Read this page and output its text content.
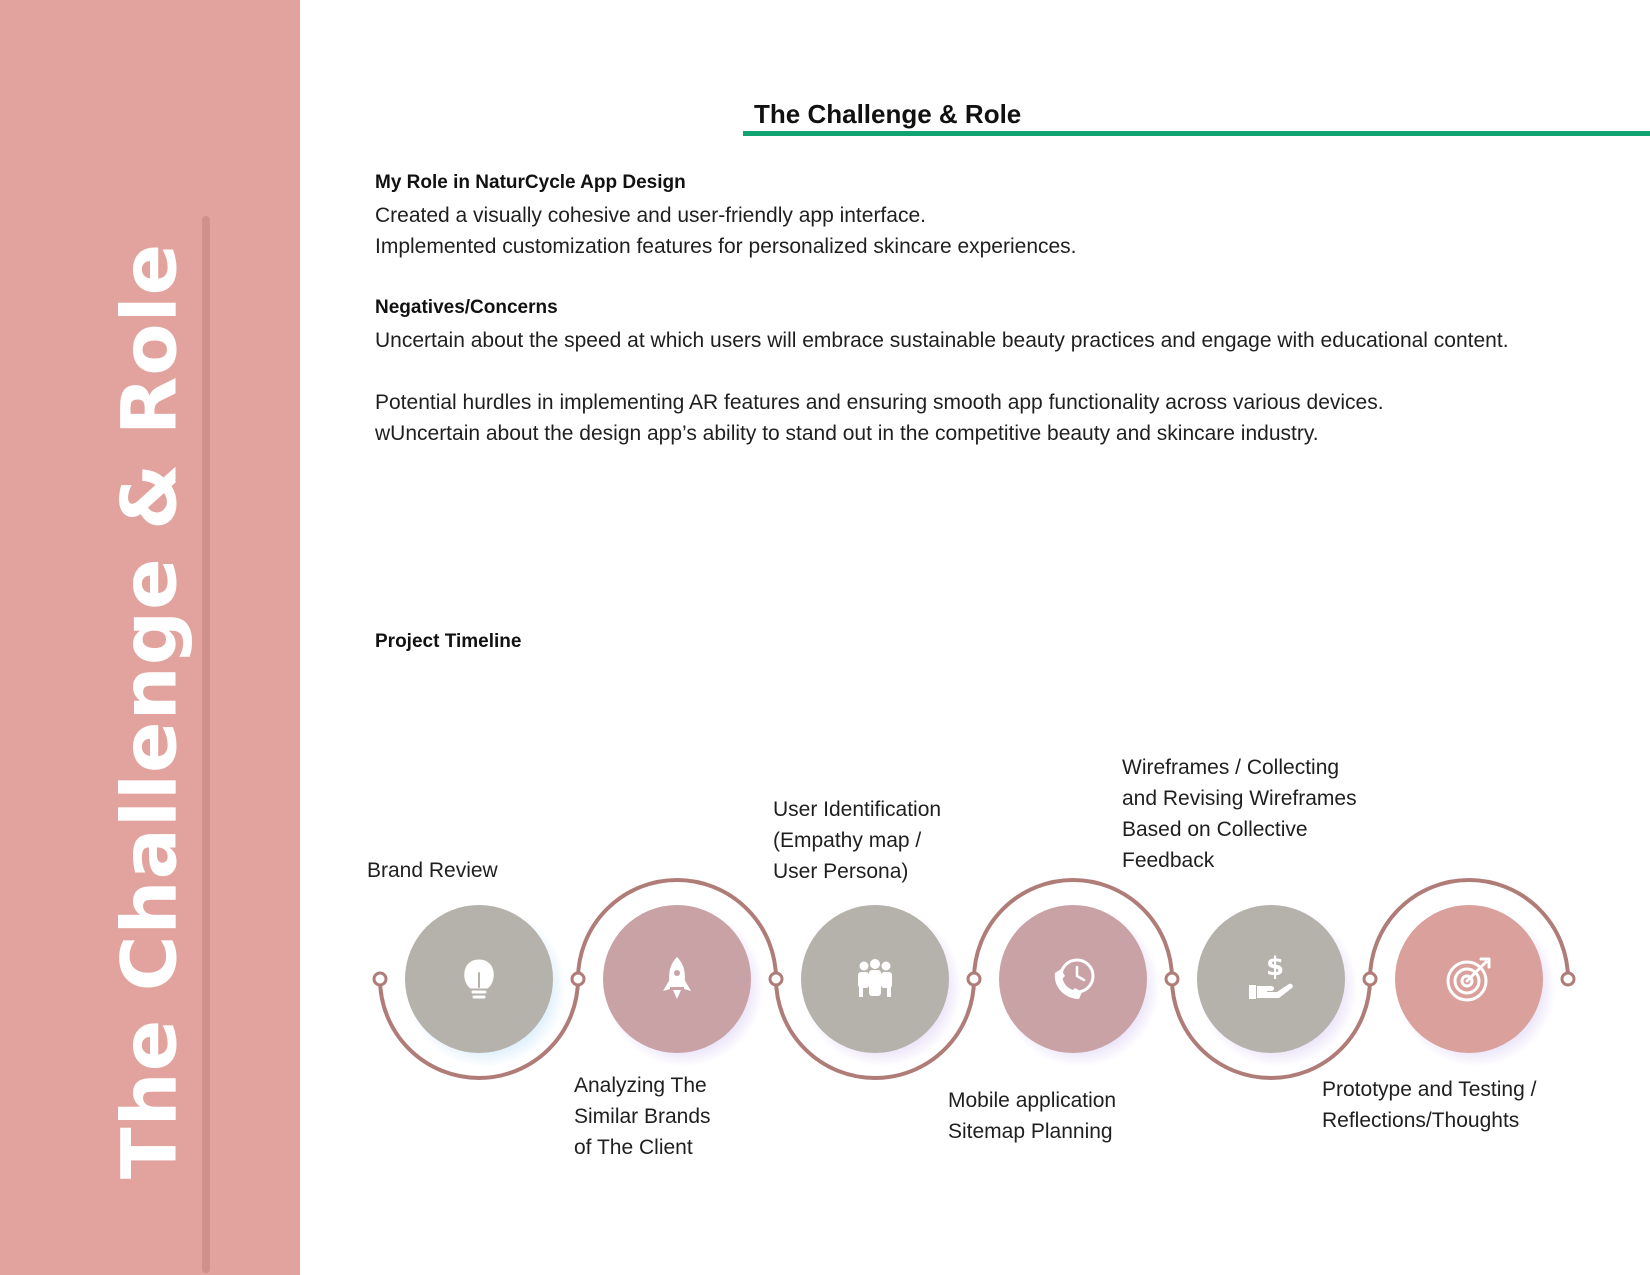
The Challenge & Role
The Challenge & Role
My Role in NaturCycle App Design

Created a visually cohesive and user-friendly app interface.

Implemented customization features for personalized skincare experiences.

Negatives/Concerns

Uncertain about the speed at which users will embrace sustainable beauty practices and engage with educational content.

Potential hurdles in implementing AR features and ensuring smooth app functionality across various devices.

wUncertain about the design app’s ability to stand out in the competitive beauty and skincare industry.

Project Timeline
$
Brand Review
Analyzing The
Similar Brands
of The Client
User Identification
(Empathy map /
User Persona)
Mobile application
Sitemap Planning
Wireframes / Collecting
and Revising Wireframes
Based on Collective
Feedback
Prototype and Testing /
Reflections/Thoughts
